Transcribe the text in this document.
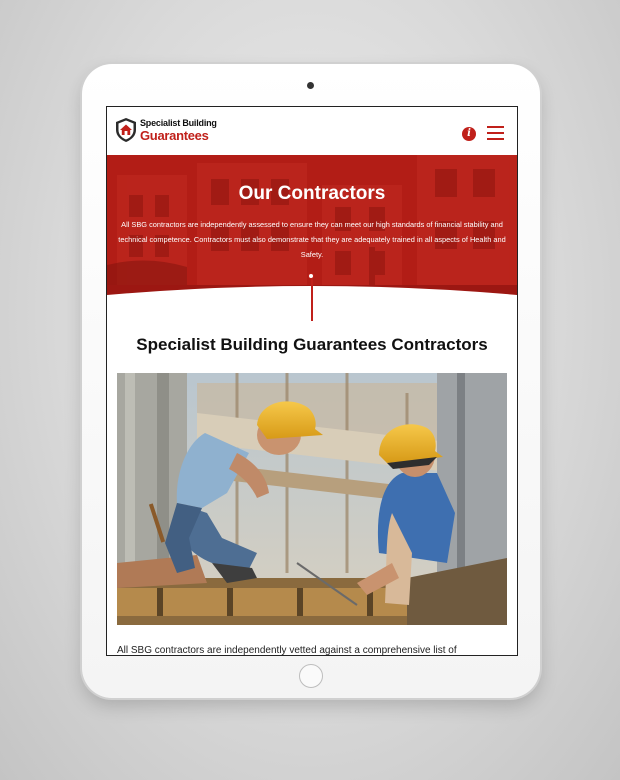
Specialist Building
Guarantees	i
Our Contractors
All SBG contractors are independently assessed to ensure they can meet our high standards of financial stability and technical competence. Contractors must also demonstrate that they are adequately trained in all aspects of Health and Safety.
Specialist Building Guarantees Contractors
All SBG contractors are independently vetted against a comprehensive list of
